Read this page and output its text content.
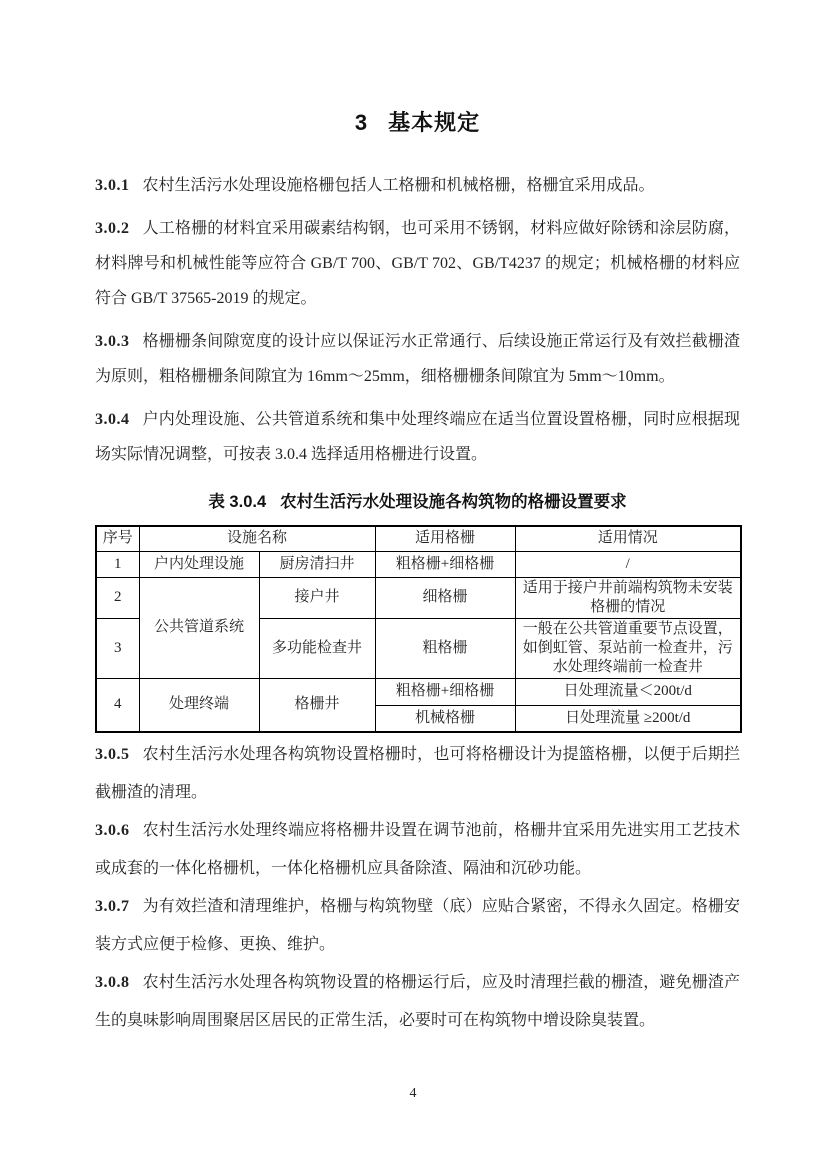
3 基本规定

3.0.1 农村生活污水处理设施格栅包括人工格栅和机械格栅，格栅宜采用成品。

3.0.2 人工格栅的材料宜采用碳素结构钢，也可采用不锈钢，材料应做好除锈和涂层防腐，材料牌号和机械性能等应符合 GB/T 700、GB/T 702、GB/T4237 的规定；机械格栅的材料应符合 GB/T 37565-2019 的规定。

3.0.3 格栅栅条间隙宽度的设计应以保证污水正常通行、后续设施正常运行及有效拦截栅渣为原则，粗格栅栅条间隙宜为 16mm～25mm，细格栅栅条间隙宜为 5mm～10mm。

3.0.4 户内处理设施、公共管道系统和集中处理终端应在适当位置设置格栅，同时应根据现场实际情况调整，可按表 3.0.4 选择适用格栅进行设置。

表 3.0.4 农村生活污水处理设施各构筑物的格栅设置要求
序号	设施名称		适用格栅	适用情况
1	户内处理设施	厨房清扫井	粗格栅+细格栅	/
2	公共管道系统	接户井	细格栅	适用于接户井前端构筑物未安装格栅的情况
3		多功能检查井	粗格栅	一般在公共管道重要节点设置，如倒虹管、泵站前一检查井，污水处理终端前一检查井
4	处理终端	格栅井	粗格栅+细格栅	日处理流量＜200t/d
			机械格栅	日处理流量 ≥200t/d

3.0.5 农村生活污水处理各构筑物设置格栅时，也可将格栅设计为提篮格栅，以便于后期拦截栅渣的清理。

3.0.6 农村生活污水处理终端应将格栅井设置在调节池前，格栅井宜采用先进实用工艺技术或成套的一体化格栅机，一体化格栅机应具备除渣、隔油和沉砂功能。

3.0.7 为有效拦渣和清理维护，格栅与构筑物壁（底）应贴合紧密，不得永久固定。格栅安装方式应便于检修、更换、维护。

3.0.8 农村生活污水处理各构筑物设置的格栅运行后，应及时清理拦截的栅渣，避免栅渣产生的臭味影响周围聚居区居民的正常生活，必要时可在构筑物中增设除臭装置。

4
